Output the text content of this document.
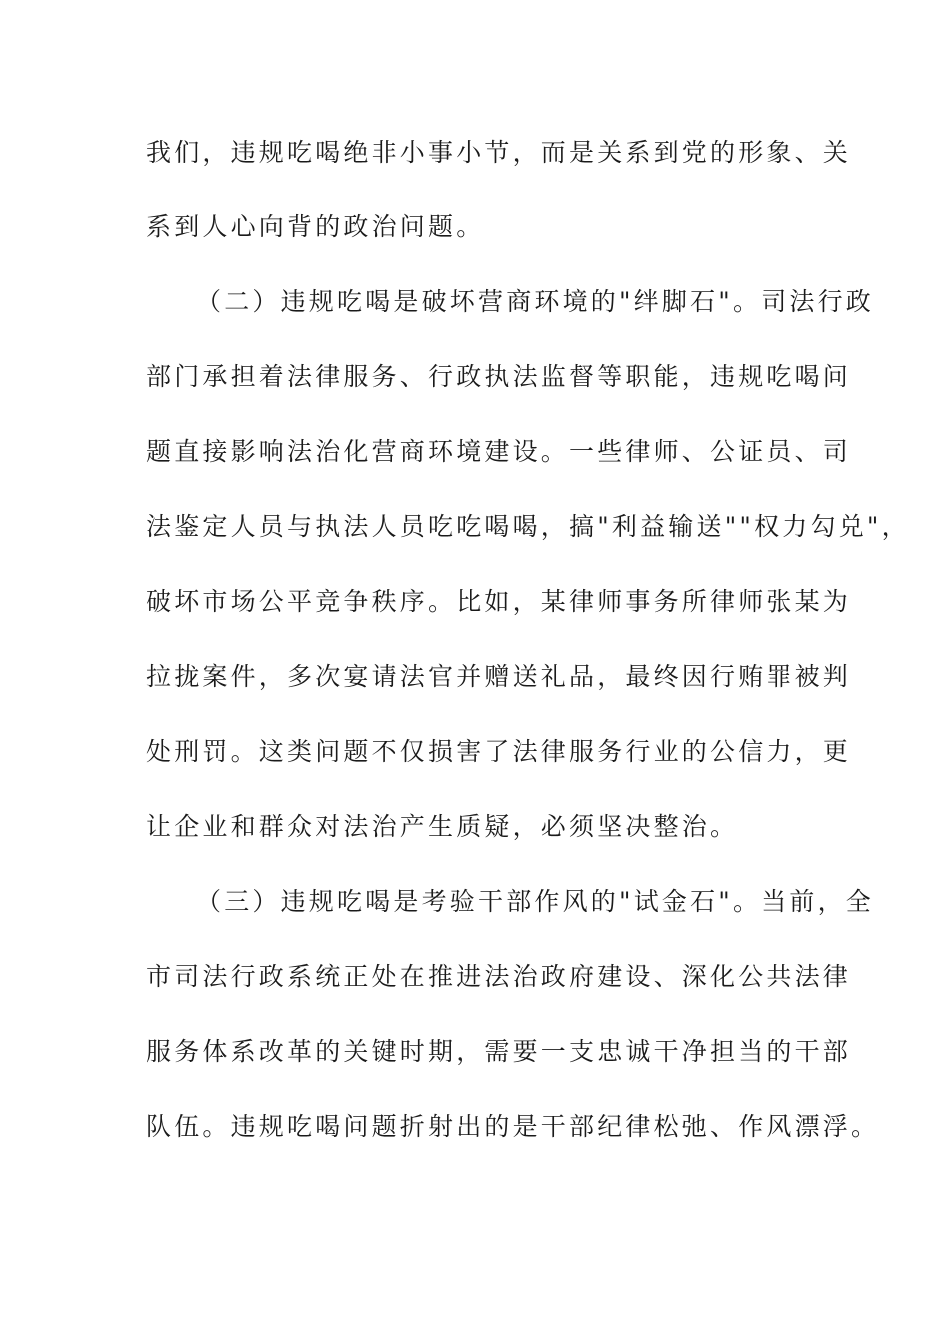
我们，违规吃喝绝非小事小节，而是关系到党的形象、关
系到人心向背的政治问题。
（二）违规吃喝是破坏营商环境的"绊脚石"。司法行政
部门承担着法律服务、行政执法监督等职能，违规吃喝问
题直接影响法治化营商环境建设。一些律师、公证员、司
法鉴定人员与执法人员吃吃喝喝，搞"利益输送""权力勾兑"，
破坏市场公平竞争秩序。比如，某律师事务所律师张某为
拉拢案件，多次宴请法官并赠送礼品，最终因行贿罪被判
处刑罚。这类问题不仅损害了法律服务行业的公信力，更
让企业和群众对法治产生质疑，必须坚决整治。
（三）违规吃喝是考验干部作风的"试金石"。当前，全
市司法行政系统正处在推进法治政府建设、深化公共法律
服务体系改革的关键时期，需要一支忠诚干净担当的干部
队伍。违规吃喝问题折射出的是干部纪律松弛、作风漂浮。
